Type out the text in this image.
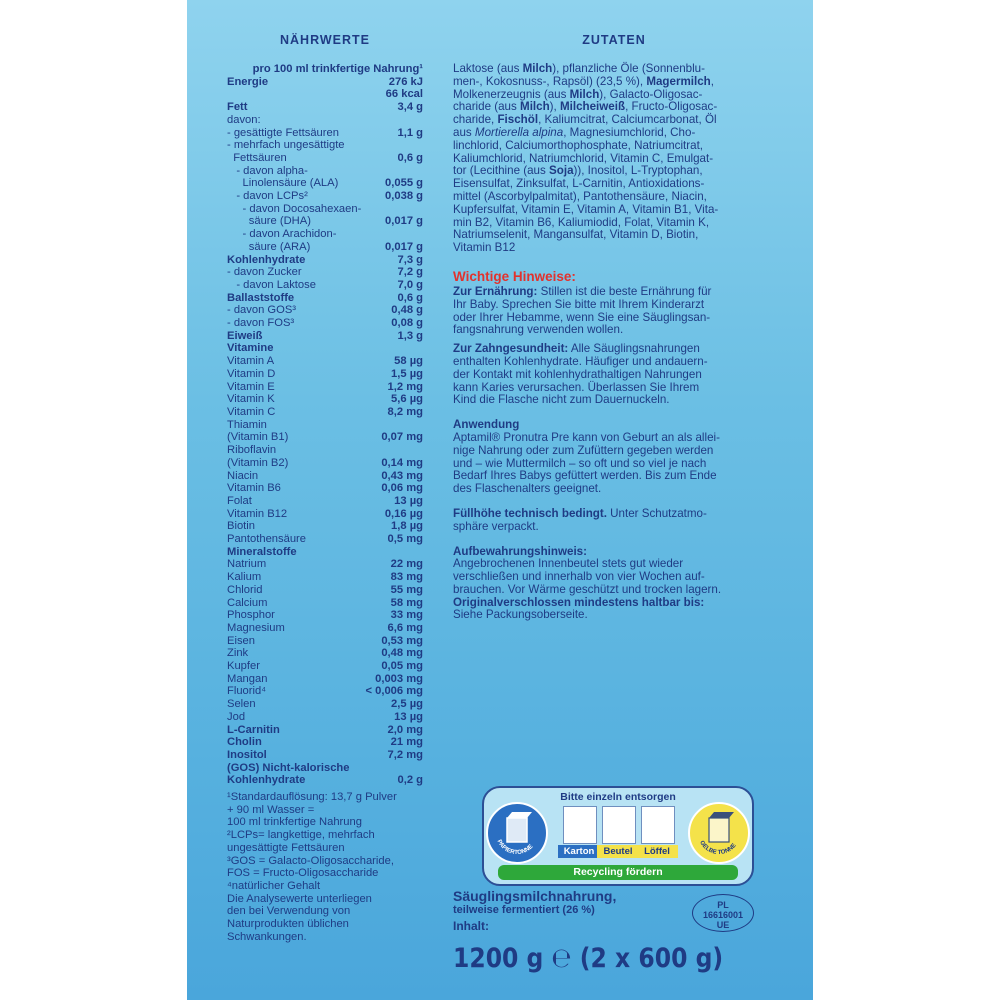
NÄHRWERTE
pro 100 ml trinkfertige Nahrung¹
Energie	276 kJ
66 kcal
Fett	3,4 g
davon:
- gesättigte Fettsäuren	1,1 g
- mehrfach ungesättigte
Fettsäuren	0,6 g
- davon alpha-
Linolensäure (ALA)	0,055 g
- davon LCPs²	0,038 g
- davon Docosahexaen-
säure (DHA)	0,017 g
- davon Arachidon-
säure (ARA)	0,017 g
Kohlenhydrate	7,3 g
- davon Zucker	7,2 g
- davon Laktose	7,0 g
Ballaststoffe	0,6 g
- davon GOS³	0,48 g
- davon FOS³	0,08 g
Eiweiß	1,3 g
Vitamine
Vitamin A	58 µg
Vitamin D	1,5 µg
Vitamin E	1,2 mg
Vitamin K	5,6 µg
Vitamin C	8,2 mg
Thiamin
(Vitamin B1)	0,07 mg
Riboflavin
(Vitamin B2)	0,14 mg
Niacin	0,43 mg
Vitamin B6	0,06 mg
Folat	13 µg
Vitamin B12	0,16 µg
Biotin	1,8 µg
Pantothensäure	0,5 mg
Mineralstoffe
Natrium	22 mg
Kalium	83 mg
Chlorid	55 mg
Calcium	58 mg
Phosphor	33 mg
Magnesium	6,6 mg
Eisen	0,53 mg
Zink	0,48 mg
Kupfer	0,05 mg
Mangan	0,003 mg
Fluorid⁴	< 0,006 mg
Selen	2,5 µg
Jod	13 µg
L-Carnitin	2,0 mg
Cholin	21 mg
Inositol	7,2 mg
(GOS) Nicht-kalorische
Kohlenhydrate	0,2 g
¹Standardauflösung: 13,7 g Pulver
+ 90 ml Wasser =
100 ml trinkfertige Nahrung
²LCPs= langkettige, mehrfach
ungesättigte Fettsäuren
³GOS = Galacto-Oligosaccharide,
FOS = Fructo-Oligosaccharide
⁴natürlicher Gehalt
Die Analysewerte unterliegen
den bei Verwendung von
Naturprodukten üblichen
Schwankungen.
ZUTATEN
Laktose (aus Milch), pflanzliche Öle (Sonnenblu-
men-, Kokosnuss-, Rapsöl) (23,5 %), Magermilch,
Molkenerzeugnis (aus Milch), Galacto-Oligosac-
charide (aus Milch), Milcheiweiß, Fructo-Oligosac-
charide, Fischöl, Kaliumcitrat, Calciumcarbonat, Öl
aus Mortierella alpina, Magnesiumchlorid, Cho-
linchlorid, Calciumorthophosphate, Natriumcitrat,
Kaliumchlorid, Natriumchlorid, Vitamin C, Emulgat-
tor (Lecithine (aus Soja)), Inositol, L-Tryptophan,
Eisensulfat, Zinksulfat, L-Carnitin, Antioxidations-
mittel (Ascorbylpalmitat), Pantothensäure, Niacin,
Kupfersulfat, Vitamin E, Vitamin A, Vitamin B1, Vita-
min B2, Vitamin B6, Kaliumiodid, Folat, Vitamin K,
Natriumselenit, Mangansulfat, Vitamin D, Biotin,
Vitamin B12
Wichtige Hinweise:
Zur Ernährung: Stillen ist die beste Ernährung für
Ihr Baby. Sprechen Sie bitte mit Ihrem Kinderarzt
oder Ihrer Hebamme, wenn Sie eine Säuglingsan-
fangsnahrung verwenden wollen.
Zur Zahngesundheit: Alle Säuglingsnahrungen
enthalten Kohlenhydrate. Häufiger und andauern-
der Kontakt mit kohlenhydrathaltigen Nahrungen
kann Karies verursachen. Überlassen Sie Ihrem
Kind die Flasche nicht zum Dauernuckeln.
Anwendung
Aptamil® Pronutra Pre kann von Geburt an als allei-
nige Nahrung oder zum Zufüttern gegeben werden
und – wie Muttermilch – so oft und so viel je nach
Bedarf Ihres Babys gefüttert werden. Bis zum Ende
des Flaschenalters geeignet.
Füllhöhe technisch bedingt. Unter Schutzatmo-
sphäre verpackt.
Aufbewahrungshinweis:
Angebrochenen Innenbeutel stets gut wieder
verschließen und innerhalb von vier Wochen auf-
brauchen. Vor Wärme geschützt und trocken lagern.
Originalverschlossen mindestens haltbar bis:
Siehe Packungsoberseite.
Bitte einzeln entsorgen
PAPIERTONNE	Karton Beutel	Löffel
GELBE TONNE
Recycling fördern
Säuglingsmilchnahrung,
teilweise fermentiert (26 %)
Inhalt:
PL
16616001
UE
1200 g ℮ (2 x 600 g)
